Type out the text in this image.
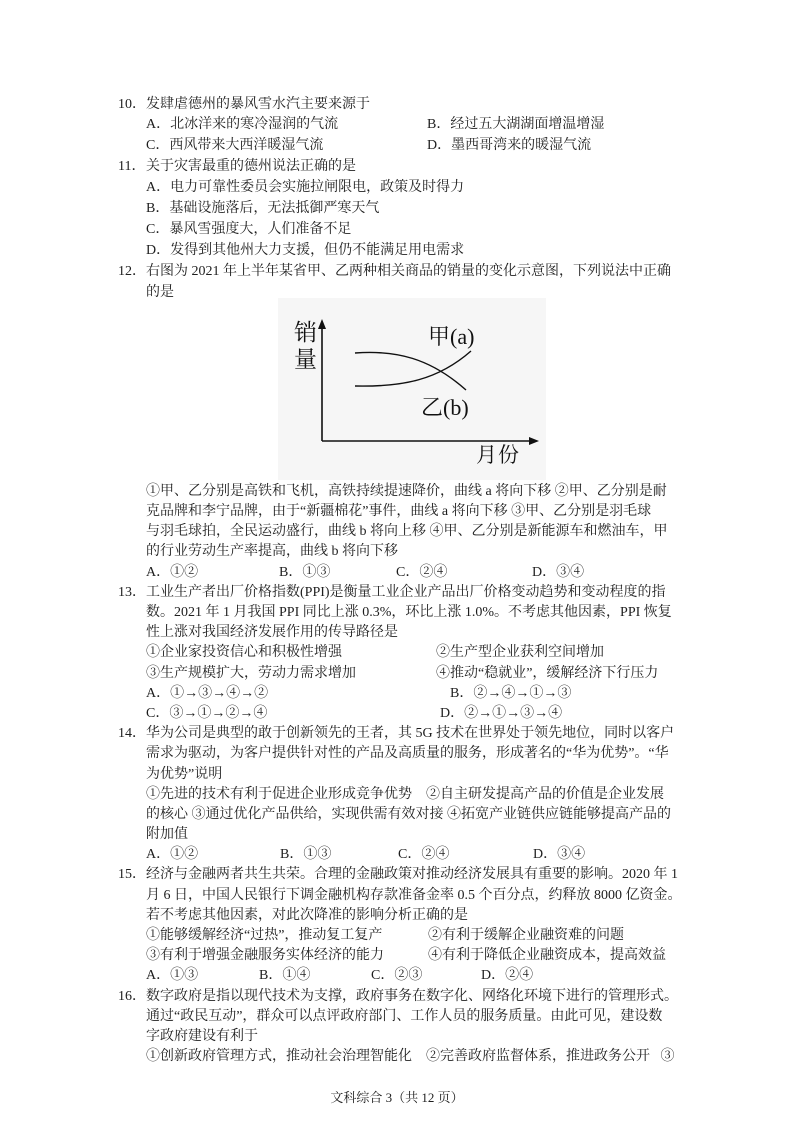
10． 发肆虐德州的暴风雪水汽主要来源于
A．北冰洋来的寒冷湿润的气流	B．经过五大湖湖面增温增湿
C．西风带来大西洋暖湿气流	D．墨西哥湾来的暖湿气流
11． 关于灾害最重的德州说法正确的是
A．电力可靠性委员会实施拉闸限电，政策及时得力
B．基础设施落后，无法抵御严寒天气
C．暴风雪强度大，人们准备不足
D．发得到其他州大力支援，但仍不能满足用电需求
12． 右图为 2021 年上半年某省甲、乙两种相关商品的销量的变化示意图，下列说法中正确
的是
销量	甲(a)
乙(b)
月份
①甲、乙分别是高铁和飞机，高铁持续提速降价，曲线 a 将向下移 ②甲、乙分别是耐
克品牌和李宁品牌，由于“新疆棉花”事件，曲线 a 将向下移 ③甲、乙分别是羽毛球
与羽毛球拍，全民运动盛行，曲线 b 将向上移 ④甲、乙分别是新能源车和燃油车，甲
的行业劳动生产率提高，曲线 b 将向下移
A．①②	B．①③	C．②④	D．③④
13． 工业生产者出厂价格指数(PPI)是衡量工业企业产品出厂价格变动趋势和变动程度的指
数。2021 年 1 月我国 PPI 同比上涨 0.3%，环比上涨 1.0%。不考虑其他因素，PPI 恢复
性上涨对我国经济发展作用的传导路径是
①企业家投资信心和积极性增强	②生产型企业获利空间增加
③生产规模扩大，劳动力需求增加	④推动“稳就业”，缓解经济下行压力
A．①→③→④→②	B．②→④→①→③
C．③→①→②→④	D．②→①→③→④
14． 华为公司是典型的敢于创新领先的王者，其 5G 技术在世界处于领先地位，同时以客户
需求为驱动，为客户提供针对性的产品及高质量的服务，形成著名的“华为优势”。“华
为优势”说明
①先进的技术有利于促进企业形成竞争优势    ②自主研发提高产品的价值是企业发展
的核心 ③通过优化产品供给，实现供需有效对接 ④拓宽产业链供应链能够提高产品的
附加值
A．①②	B．①③	C．②④	D．③④
15． 经济与金融两者共生共荣。合理的金融政策对推动经济发展具有重要的影响。2020 年 1
月 6 日，中国人民银行下调金融机构存款准备金率 0.5 个百分点，约释放 8000 亿资金。
若不考虑其他因素，对此次降准的影响分析正确的是
①能够缓解经济“过热”，推动复工复产	②有利于缓解企业融资难的问题
③有利于增强金融服务实体经济的能力	④有利于降低企业融资成本，提高效益
A．①③	B．①④	C．②③	D．②④
16． 数字政府是指以现代技术为支撑，政府事务在数字化、网络化环境下进行的管理形式。
通过“政民互动”，群众可以点评政府部门、工作人员的服务质量。由此可见，建设数
字政府建设有利于
①创新政府管理方式，推动社会治理智能化    ②完善政府监督体系，推进政务公开   ③
文科综合 3（共 12 页）
